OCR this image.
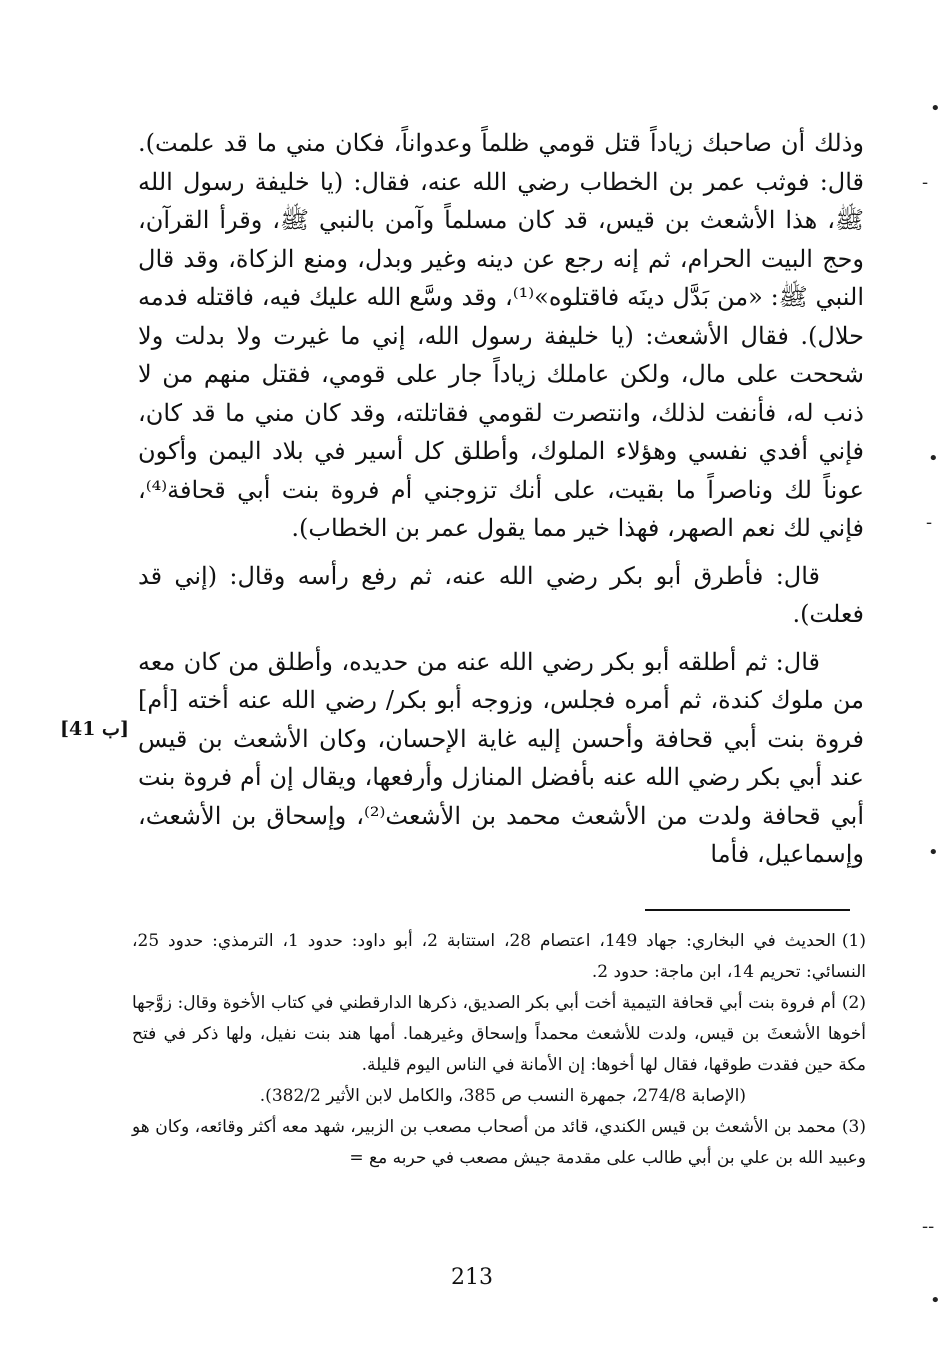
وذلك أن صاحبك زياداً قتل قومي ظلماً وعدواناً، فكان مني ما قد علمت). قال: فوثب عمر بن الخطاب رضي الله عنه، فقال: (يا خليفة رسول الله ﷺ، هذا الأشعث بن قيس، قد كان مسلماً وآمن بالنبي ﷺ، وقرأ القرآن، وحج البيت الحرام، ثم إنه رجع عن دينه وغير وبدل، ومنع الزكاة، وقد قال النبي ﷺ: «من بَدَّل دينَه فاقتلوه»⁽¹⁾، وقد وسَّع الله عليك فيه، فاقتله فدمه حلال). فقال الأشعث: (يا خليفة رسول الله، إني ما غيرت ولا بدلت ولا شححت على مال، ولكن عاملك زياداً جار على قومي، فقتل منهم من لا ذنب له، فأنفت لذلك، وانتصرت لقومي فقاتلته، وقد كان مني ما قد كان، فإني أفدي نفسي وهؤلاء الملوك، وأطلق كل أسير في بلاد اليمن وأكون عوناً لك وناصراً ما بقيت، على أنك تزوجني أم فروة بنت أبي قحافة⁽⁴⁾، فإني لك نعم الصهر، فهذا خير مما يقول عمر بن الخطاب).

قال: فأطرق أبو بكر رضي الله عنه، ثم رفع رأسه وقال: (إني قد فعلت).

قال: ثم أطلقه أبو بكر رضي الله عنه من حديده، وأطلق من كان معه من ملوك كندة، ثم أمره فجلس، وزوجه أبو بكر/ رضي الله عنه أخته [أم] فروة بنت أبي قحافة وأحسن إليه غاية الإحسان، وكان الأشعث بن قيس عند أبي بكر رضي الله عنه بأفضل المنازل وأرفعها، ويقال إن أم فروة بنت أبي قحافة ولدت من الأشعث محمد بن الأشعث⁽²⁾، وإسحاق بن الأشعث، وإسماعيل، فأما

[41 ب]

(1)الحديث في البخاري: جهاد 149، اعتصام 28، استتابة 2، أبو داود: حدود 1، الترمذي: حدود 25، النسائي: تحريم 14، ابن ماجة: حدود 2.

(2)أم فروة بنت أبي قحافة التيمية أخت أبي بكر الصديق، ذكرها الدارقطني في كتاب الأخوة وقال: زوَّجها أخوها الأشعثَ بن قيس، ولدت للأشعث محمداً وإسحاق وغيرهما. أمها هند بنت نفيل، ولها ذكر في فتح مكة حين فقدت طوقها، فقال لها أخوها: إن الأمانة في الناس اليوم قليلة.

(الإصابة 274/8، جمهرة النسب ص 385، والكامل لابن الأثير 382/2).

(3)محمد بن الأشعث بن قيس الكندي، قائد من أصحاب مصعب بن الزبير، شهد معه أكثر وقائعه، وكان هو وعبيد الله بن علي بن أبي طالب على مقدمة جيش مصعب في حربه مع =

213
•
-
•
-
•
--
•
